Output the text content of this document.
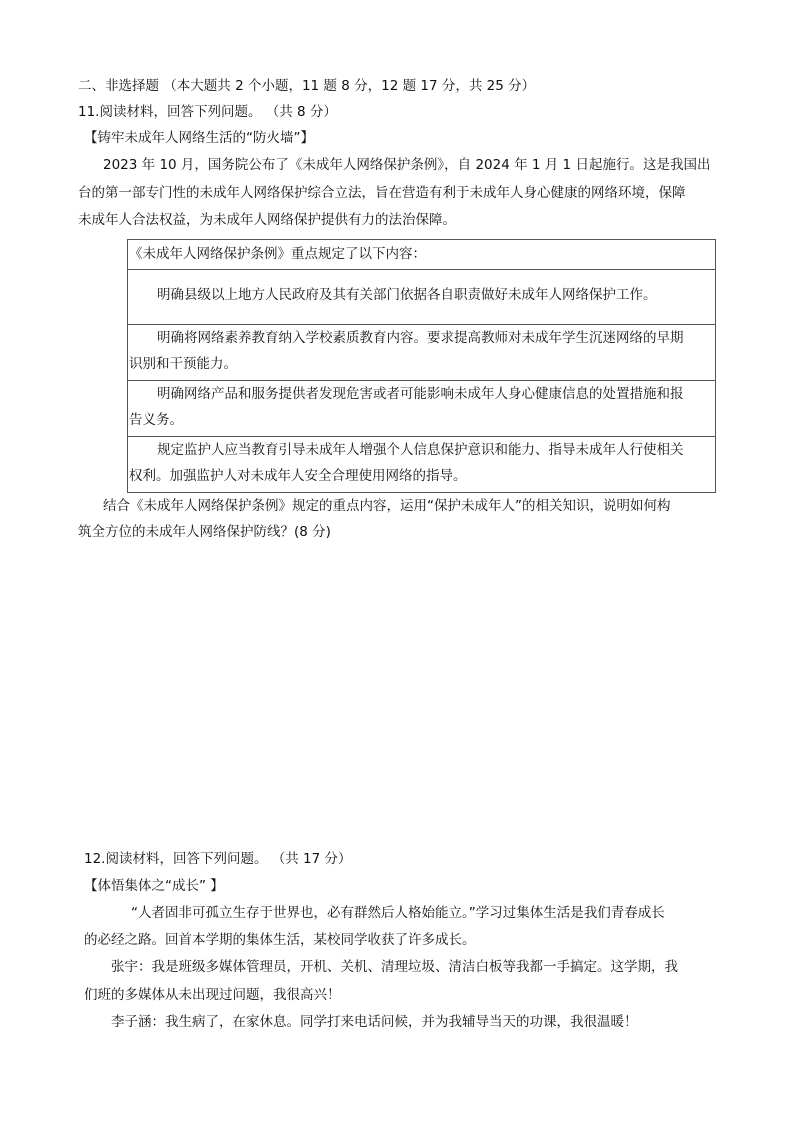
二、非选择题 （本大题共 2 个小题，11 题 8 分，12 题 17 分，共 25 分）
11.阅读材料，回答下列问题。 （共 8 分）
【铸牢未成年人网络生活的“防火墙”】
2023 年 10 月，国务院公布了《未成年人网络保护条例》，自 2024 年 1 月 1 日起施行。这是我国出
台的第一部专门性的未成年人网络保护综合立法，旨在营造有利于未成年人身心健康的网络环境，保障
未成年人合法权益，为未成年人网络保护提供有力的法治保障。
《未成年人网络保护条例》重点规定了以下内容：
明确县级以上地方人民政府及其有关部门依据各自职责做好未成年人网络保护工作。
明确将网络素养教育纳入学校素质教育内容。要求提高教师对未成年学生沉迷网络的早期
识别和干预能力。
明确网络产品和服务提供者发现危害或者可能影响未成年人身心健康信息的处置措施和报
告义务。
规定监护人应当教育引导未成年人增强个人信息保护意识和能力、指导未成年人行使相关
权利。加强监护人对未成年人安全合理使用网络的指导。
结合《未成年人网络保护条例》规定的重点内容，运用“保护未成年人”的相关知识，说明如何构
筑全方位的未成年人网络保护防线？(8 分)
12.阅读材料，回答下列问题。 （共 17 分）
【体悟集体之“成长” 】
“人者固非可孤立生存于世界也，必有群然后人格始能立。”学习过集体生活是我们青春成长
的必经之路。回首本学期的集体生活，某校同学收获了许多成长。
张宇：我是班级多媒体管理员，开机、关机、清理垃圾、清洁白板等我都一手搞定。这学期，我
们班的多媒体从未出现过问题，我很高兴！
李子涵：我生病了，在家休息。同学打来电话问候，并为我辅导当天的功课，我很温暖！
